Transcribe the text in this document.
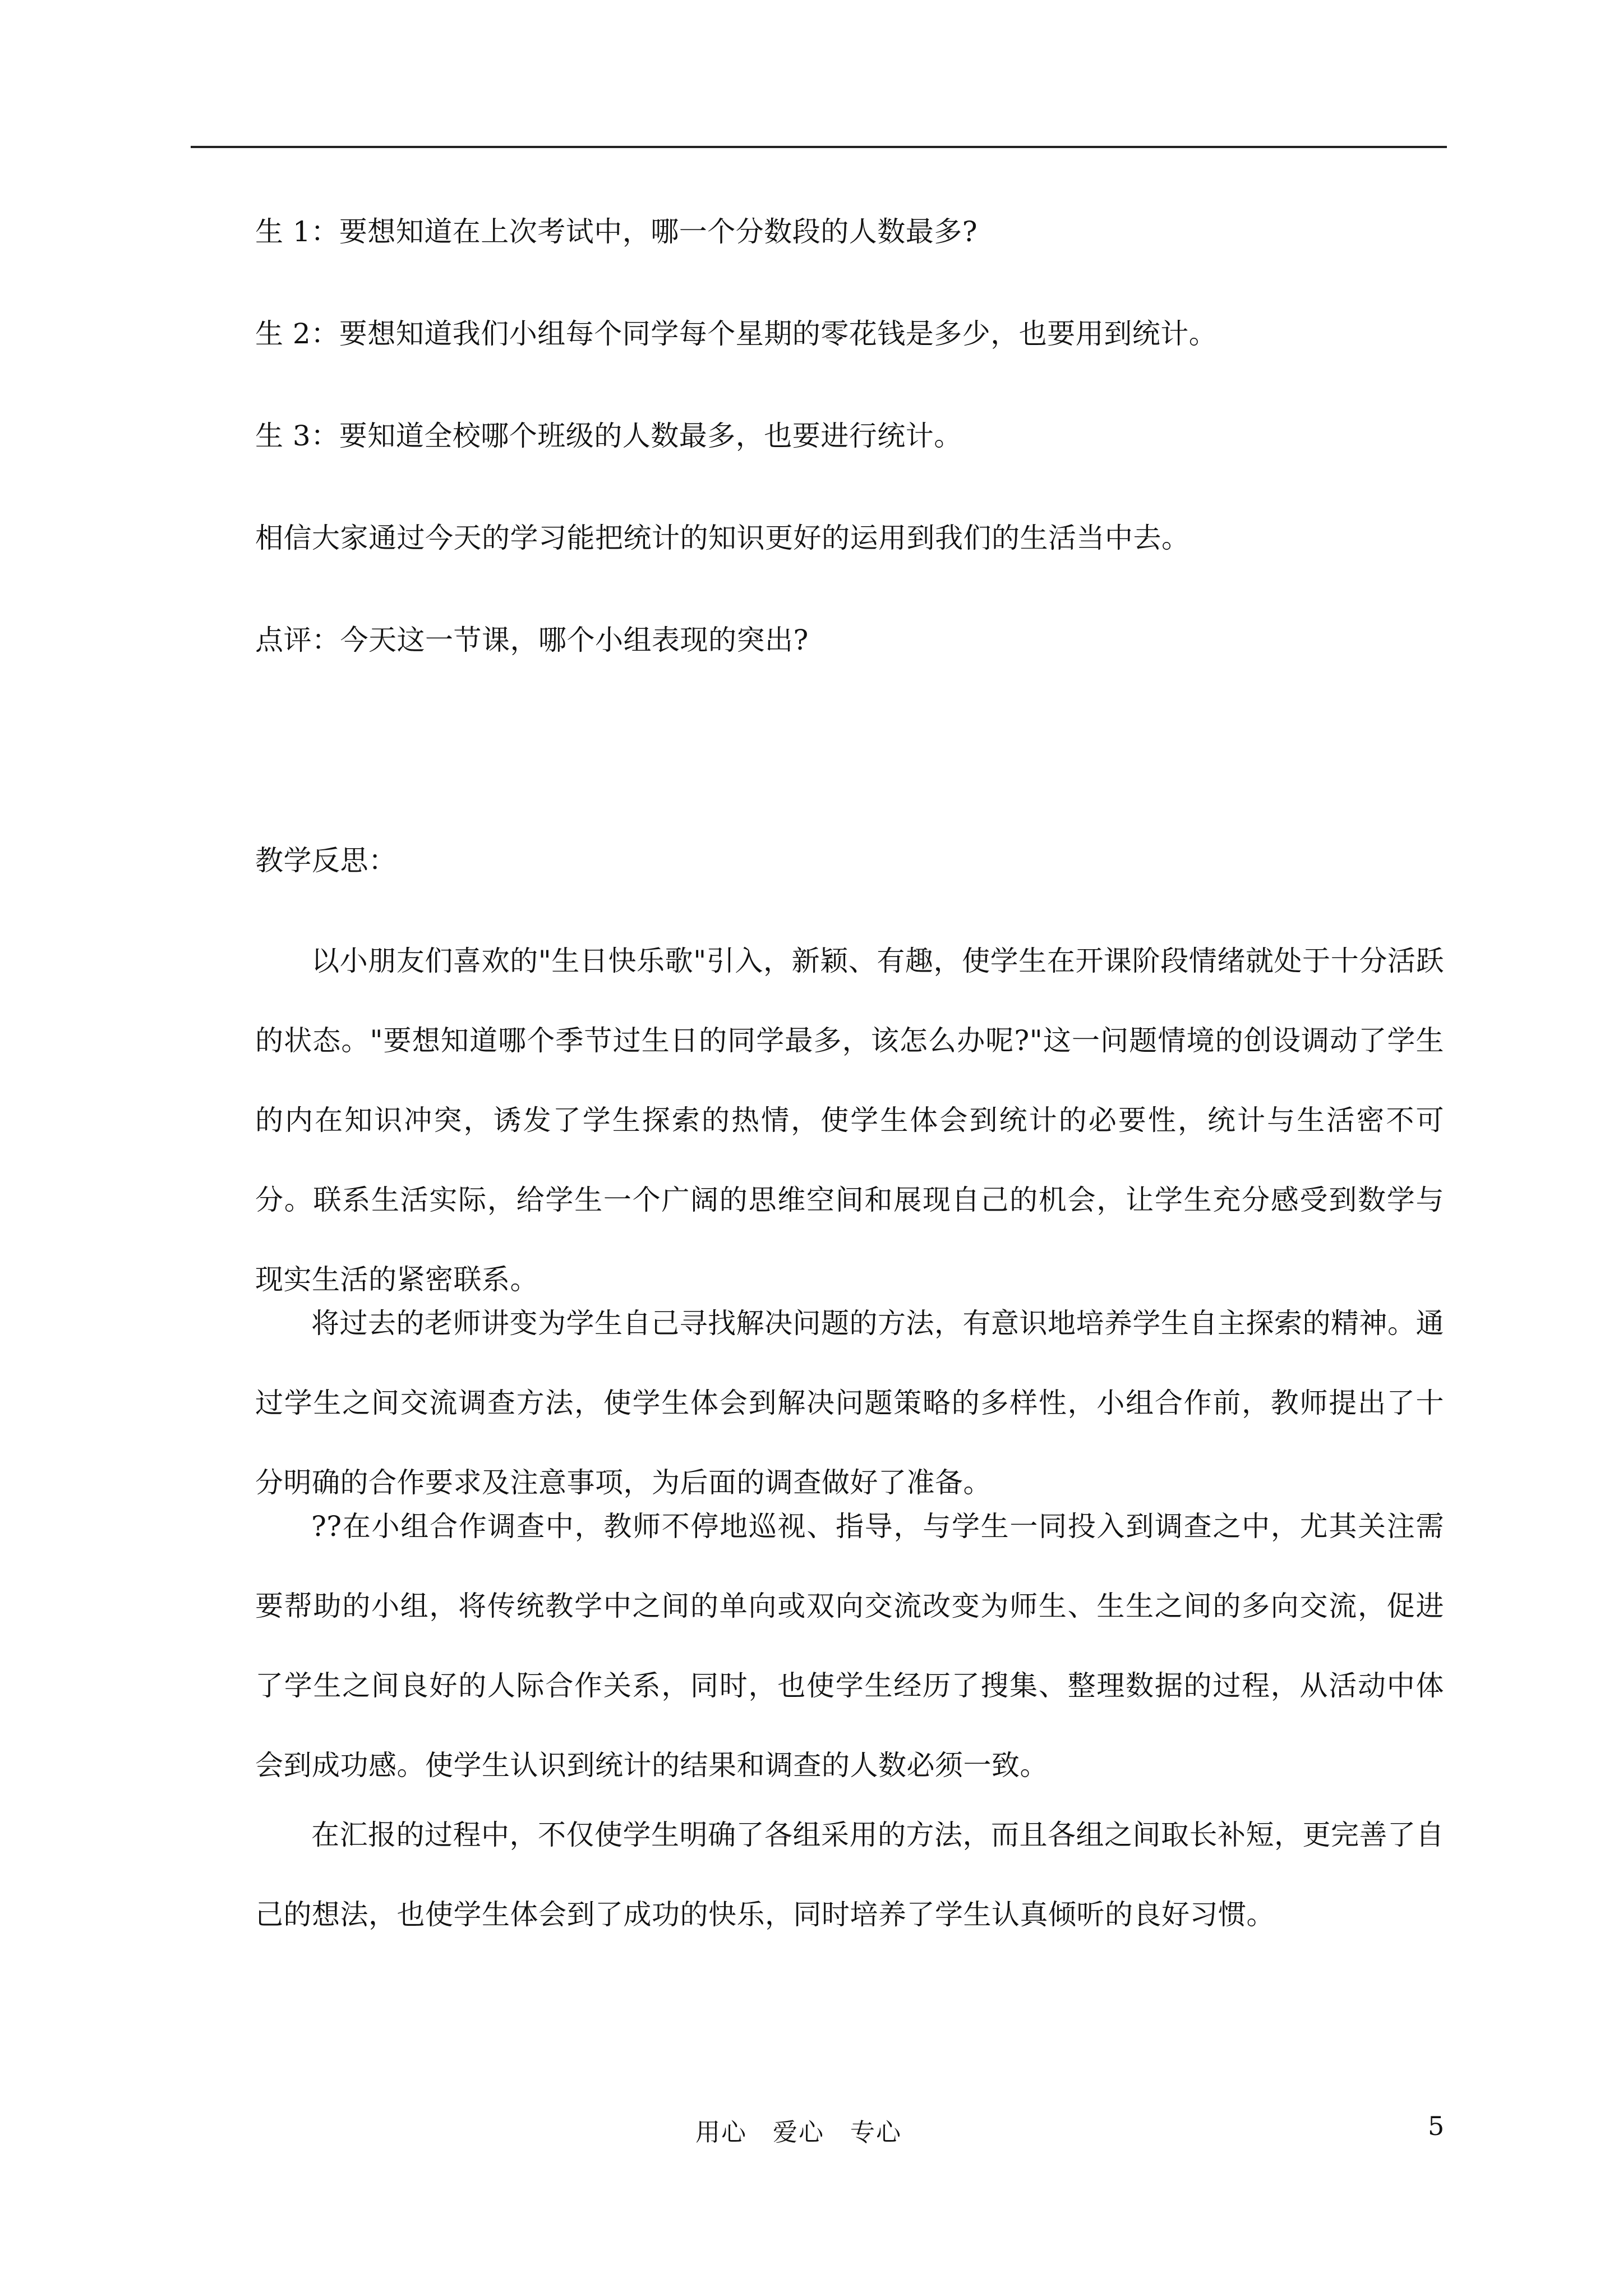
生 1：要想知道在上次考试中，哪一个分数段的人数最多?
生 2：要想知道我们小组每个同学每个星期的零花钱是多少，也要用到统计。
生 3：要知道全校哪个班级的人数最多，也要进行统计。
相信大家通过今天的学习能把统计的知识更好的运用到我们的生活当中去。
点评：今天这一节课，哪个小组表现的突出?
教学反思：
以小朋友们喜欢的"生日快乐歌"引入，新颖、有趣，使学生在开课阶段情绪就处于十分活跃的状态。"要想知道哪个季节过生日的同学最多，该怎么办呢?"这一问题情境的创设调动了学生的内在知识冲突，诱发了学生探索的热情，使学生体会到统计的必要性，统计与生活密不可分。联系生活实际，给学生一个广阔的思维空间和展现自己的机会，让学生充分感受到数学与现实生活的紧密联系。
将过去的老师讲变为学生自己寻找解决问题的方法，有意识地培养学生自主探索的精神。通过学生之间交流调查方法，使学生体会到解决问题策略的多样性，小组合作前，教师提出了十分明确的合作要求及注意事项，为后面的调查做好了准备。
??在小组合作调查中，教师不停地巡视、指导，与学生一同投入到调查之中，尤其关注需要帮助的小组，将传统教学中之间的单向或双向交流改变为师生、生生之间的多向交流，促进了学生之间良好的人际合作关系，同时，也使学生经历了搜集、整理数据的过程，从活动中体会到成功感。使学生认识到统计的结果和调查的人数必须一致。
在汇报的过程中，不仅使学生明确了各组采用的方法，而且各组之间取长补短，更完善了自己的想法，也使学生体会到了成功的快乐，同时培养了学生认真倾听的良好习惯。
用心　爱心　专心	5
